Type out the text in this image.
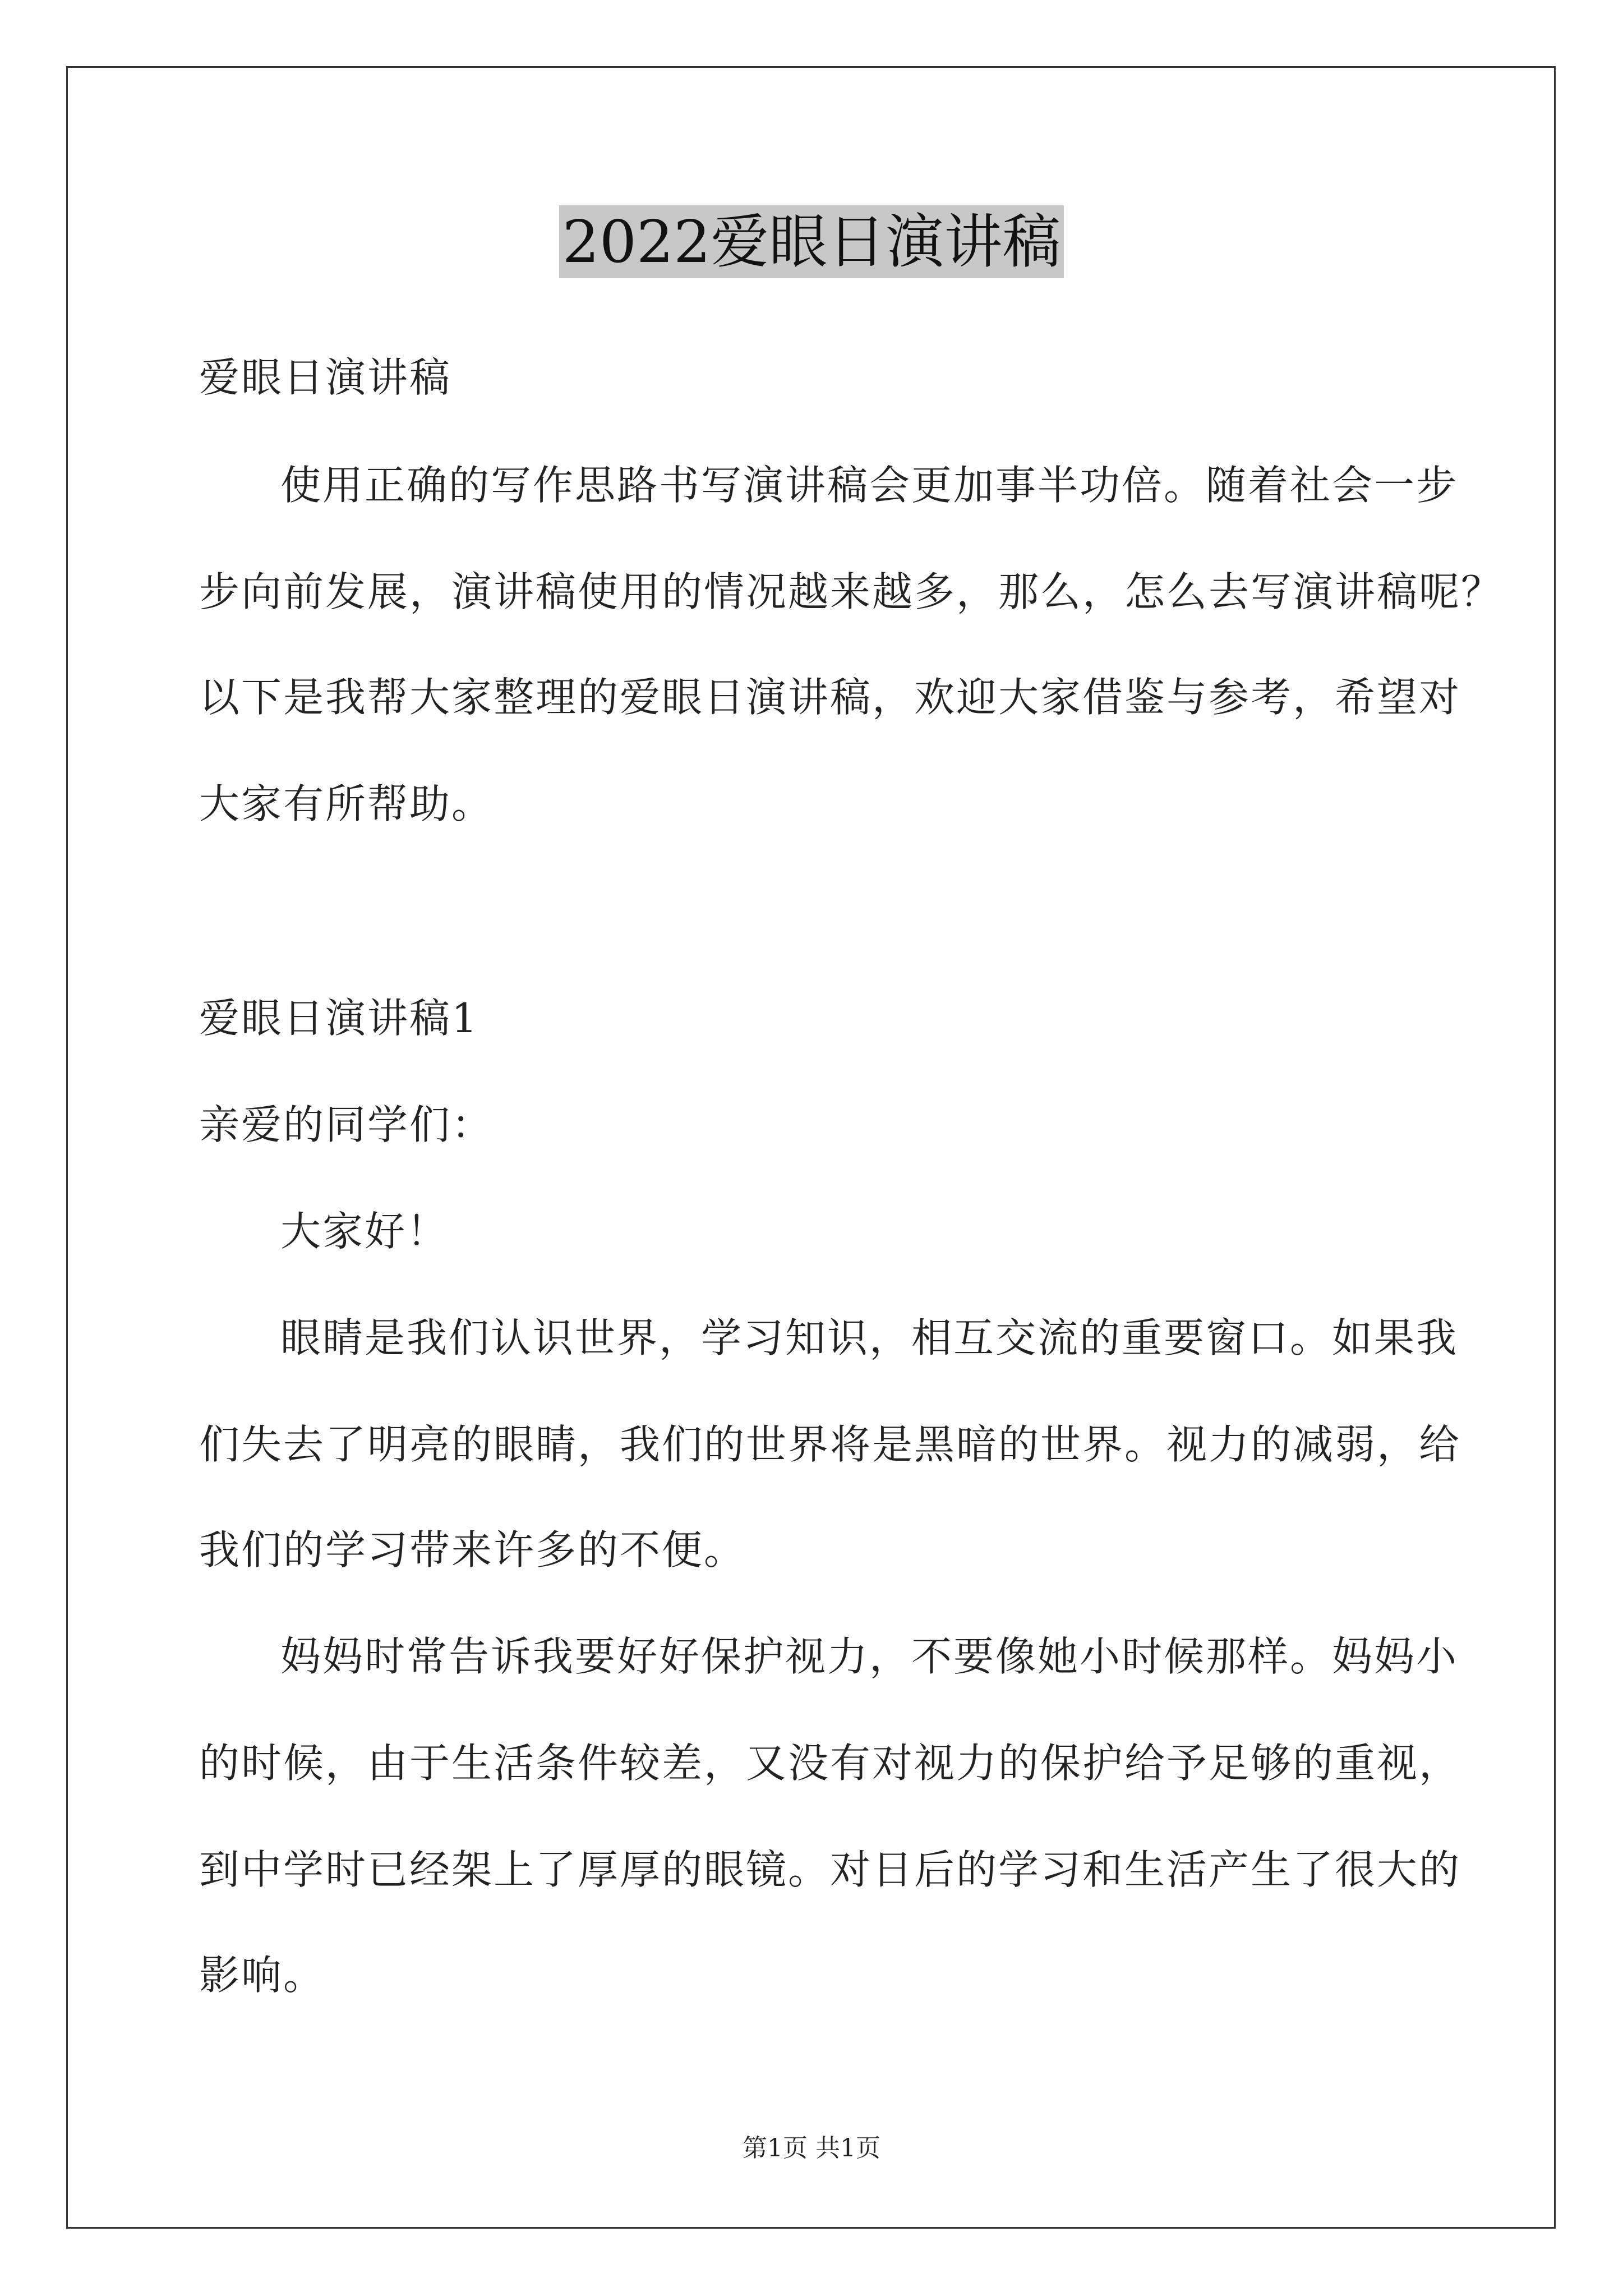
2022爱眼日演讲稿
爱眼日演讲稿
使用正确的写作思路书写演讲稿会更加事半功倍。随着社会一步
步向前发展，演讲稿使用的情况越来越多，那么，怎么去写演讲稿呢？
以下是我帮大家整理的爱眼日演讲稿，欢迎大家借鉴与参考，希望对
大家有所帮助。
爱眼日演讲稿1
亲爱的同学们：
大家好！
眼睛是我们认识世界，学习知识，相互交流的重要窗口。如果我
们失去了明亮的眼睛，我们的世界将是黑暗的世界。视力的减弱，给
我们的学习带来许多的不便。
妈妈时常告诉我要好好保护视力，不要像她小时候那样。妈妈小
的时候，由于生活条件较差，又没有对视力的保护给予足够的重视，
到中学时已经架上了厚厚的眼镜。对日后的学习和生活产生了很大的
影响。
第1页 共1页
